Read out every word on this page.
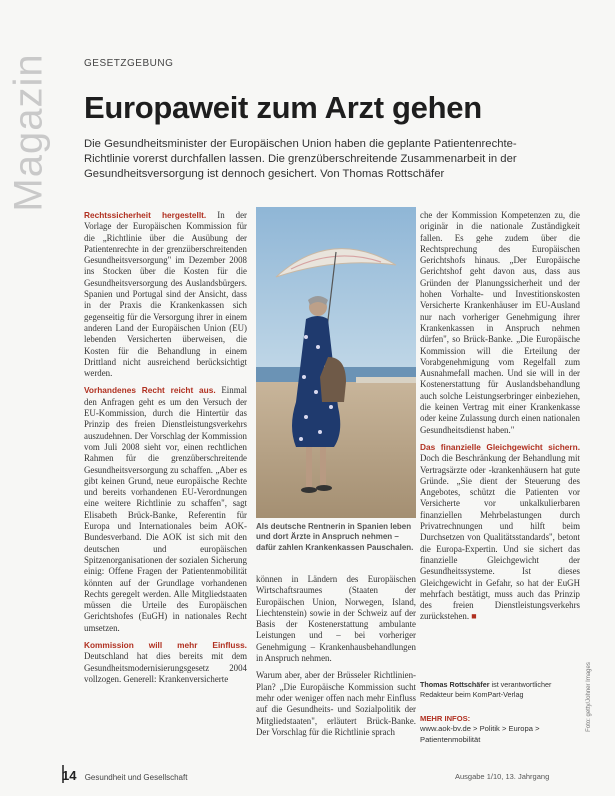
Magazin	GESETZGEBUNG
Europaweit zum Arzt gehen
Die Gesundheitsminister der Europäischen Union haben die geplante Patientenrechte-Richtlinie vorerst durchfallen lassen. Die grenzüberschreitende Zusammenarbeit in der Gesundheitsversorgung ist dennoch gesichert. Von Thomas Rottschäfer

Rechtssicherheit hergestellt. In der Vorlage der Europäischen Kommission für die „Richtlinie über die Ausübung der Patientenrechte in der grenzüberschreitenden Gesundheitsversorgung" im Dezember 2008 ins Stocken über die Kosten für die Gesundheitsversorgung des Auslandsbürgers. Spanien und Portugal sind der Ansicht, dass in der Praxis die Krankenkassen sich gegenseitig für die Versorgung ihrer in einem anderen Land der Europäischen Union (EU) lebenden Versicherten überweisen, die Kosten für die Behandlung in einem Drittland nicht ausreichend berücksichtigt werden.

Vorhandenes Recht reicht aus. Einmal den Anfragen geht es um den Versuch der EU-Kommission, durch die Hintertür das Prinzip des freien Dienstleistungsverkehrs auszudehnen. Der Vorschlag der Kommission vom Juli 2008 sieht vor, einen rechtlichen Rahmen für die grenzüberschreitende Gesundheitsversorgung zu schaffen. „Aber es gibt keinen Grund, neue europäische Rechte und bereits vorhandenen EU-Verordnungen eine weitere Richtlinie zu schaffen", sagt Elisabeth Brück-Banke, Referentin für Europa und Internationales beim AOK-Bundesverband. Die AOK ist sich mit den deutschen und europäischen Spitzenorganisationen der sozialen Sicherung einig: Offene Fragen der Patientenmobilität könnten auf der Grundlage vorhandenen Rechts geregelt werden. Alle Mitgliedstaaten müssen die Urteile des Europäischen Gerichtshofes (EuGH) in nationales Recht umsetzen.

Kommission will mehr Einfluss. Deutschland hat dies bereits mit dem Gesundheitsmodernisierungsgesetz 2004 vollzogen. Generell: Krankenversicherte

Als deutsche Rentnerin in Spanien leben und dort Ärzte in Anspruch nehmen – dafür zahlen Krankenkassen Pauschalen.

können in Ländern des Europäischen Wirtschaftsraumes (Staaten der Europäischen Union, Norwegen, Island, Liechtenstein) sowie in der Schweiz auf der Basis der Kostenerstattung ambulante Leistungen und – bei vorheriger Genehmigung – Krankenhausbehandlungen in Anspruch nehmen.

Warum aber, aber der Brüsseler Richtlinien-Plan? „Die Europäische Kommission sucht mehr oder weniger offen nach mehr Einfluss auf die Gesundheits- und Sozialpolitik der Mitgliedstaaten", erläutert Brück-Banke. Der Vorschlag für die Richtlinie sprach

che der Kommission Kompetenzen zu, die originär in die nationale Zuständigkeit fallen. Es gehe zudem über die Rechtsprechung des Europäischen Gerichtshofs hinaus. „Der Europäische Gerichtshof geht davon aus, dass aus Gründen der Planungssicherheit und der hohen Vorhalte- und Investitionskosten Versicherte Krankenhäuser im EU-Ausland nur nach vorheriger Genehmigung ihrer Krankenkassen in Anspruch nehmen dürfen", so Brück-Banke. „Die Europäische Kommission will die Erteilung der Vorabgenehmigung vom Regelfall zum Ausnahmefall machen. Und sie will in der Kostenerstattung für Auslandsbehandlung auch solche Leistungserbringer einbeziehen, die keinen Vertrag mit einer Krankenkasse oder keine Zulassung durch einen nationalen Gesundheitsdienst haben."

Das finanzielle Gleichgewicht sichern. Doch die Beschränkung der Behandlung mit Vertragsärzte oder -krankenhäusern hat gute Gründe. „Sie dient der Steuerung des Angebotes, schützt die Patienten vor Versicherte vor unkalkulierbaren finanziellen Mehrbelastungen durch Privatrechnungen und hilft beim Durchsetzen von Qualitätsstandards", betont die Europa-Expertin. Und sie sichert das finanzielle Gleichgewicht der Gesundheitssysteme. Ist dieses Gleichgewicht in Gefahr, so hat der EuGH mehrfach bestätigt, muss auch das Prinzip des freien Dienstleistungsverkehrs zurückstehen. ■

Thomas Rottschäfer ist verantwortlicher Redakteur beim KomPart-Verlag
MEHR INFOS:
www.aok-bv.de > Politik > Europa > Patientenmobilität
Foto: getty/Johner Images
14 Gesundheit und Gesellschaft	Ausgabe 1/10, 13. Jahrgang
